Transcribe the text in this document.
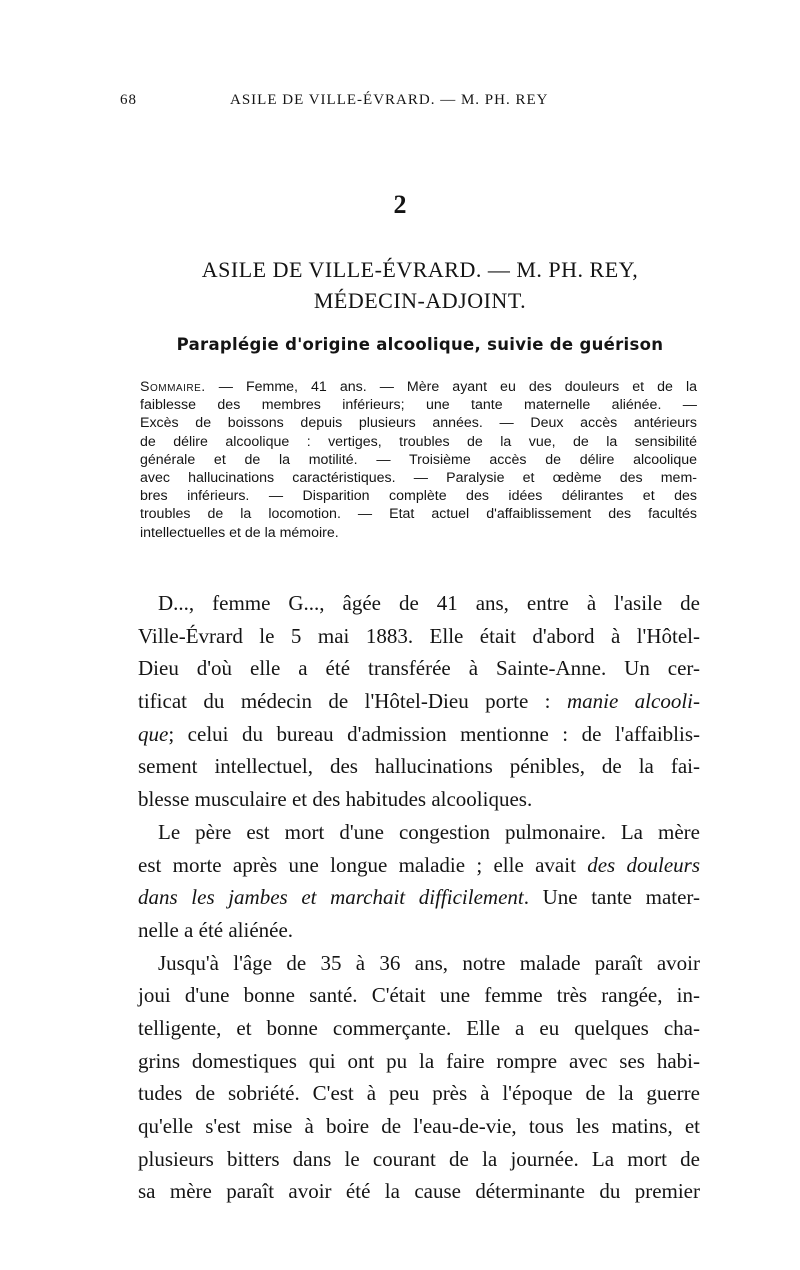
68	ASILE DE VILLE-ÉVRARD. — M. PH. REY
2
ASILE DE VILLE-ÉVRARD. — M. PH. REY,
MÉDECIN-ADJOINT.
Paraplégie d'origine alcoolique, suivie de guérison
Sommaire. — Femme, 41 ans. — Mère ayant eu des douleurs et de la
faiblesse des membres inférieurs; une tante maternelle aliénée. —
Excès de boissons depuis plusieurs années. — Deux accès antérieurs
de délire alcoolique : vertiges, troubles de la vue, de la sensibilité
générale et de la motilité. — Troisième accès de délire alcoolique
avec hallucinations caractéristiques. — Paralysie et œdème des mem-
bres inférieurs. — Disparition complète des idées délirantes et des
troubles de la locomotion. — Etat actuel d'affaiblissement des facultés
intellectuelles et de la mémoire.
D..., femme G..., âgée de 41 ans, entre à l'asile de
Ville-Évrard le 5 mai 1883. Elle était d'abord à l'Hôtel-
Dieu d'où elle a été transférée à Sainte-Anne. Un cer-
tificat du médecin de l'Hôtel-Dieu porte : manie alcooli-
que; celui du bureau d'admission mentionne : de l'affaiblis-
sement intellectuel, des hallucinations pénibles, de la fai-
blesse musculaire et des habitudes alcooliques.
Le père est mort d'une congestion pulmonaire. La mère
est morte après une longue maladie ; elle avait des douleurs
dans les jambes et marchait difficilement. Une tante mater-
nelle a été aliénée.
Jusqu'à l'âge de 35 à 36 ans, notre malade paraît avoir
joui d'une bonne santé. C'était une femme très rangée, in-
telligente, et bonne commerçante. Elle a eu quelques cha-
grins domestiques qui ont pu la faire rompre avec ses habi-
tudes de sobriété. C'est à peu près à l'époque de la guerre
qu'elle s'est mise à boire de l'eau-de-vie, tous les matins, et
plusieurs bitters dans le courant de la journée. La mort de
sa mère paraît avoir été la cause déterminante du premier
